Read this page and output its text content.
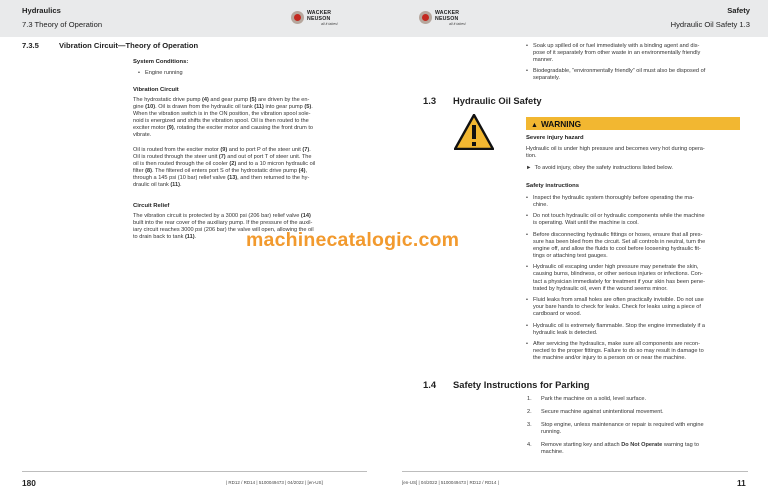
Hydraulics
7.3 Theory of Operation
WACKER
NEUSON
all it takes!
7.3.5	Vibration Circuit—Theory of Operation
System Conditions:
• Engine running
Vibration Circuit
The hydrostatic drive pump (4) and gear pump (5) are driven by the en-
gine (10). Oil is drawn from the hydraulic oil tank (11) into gear pump (5).
When the vibration switch is in the ON position, the vibration spool sole-
noid is energized and shifts the vibration spool. Oil is then routed to the
exciter motor (9), rotating the exciter motor and causing the front drum to
vibrate.
Oil is routed from the exciter motor (9) and to port P of the steer unit (7).
Oil is routed through the steer unit (7) and out of port T of steer unit. The
oil is then routed through the oil cooler (2) and to a 10 micron hydraulic oil
filter (8). The filtered oil enters port S of the hydrostatic drive pump (4),
through a 145 psi (10 bar) relief valve (13), and then returned to the hy-
draulic oil tank (11).
Circuit Relief
The vibration circuit is protected by a 3000 psi (206 bar) relief valve (14)
built into the rear cover of the auxiliary pump. If the pressure of the auxil-
iary circuit reaches 3000 psi (206 bar) the valve will open, allowing the oil
to drain back to tank (11).
180	| RD12 / RD14 | 5100049473 | 04/2022 | [en-US]
WACKER
NEUSON
all it takes!
Safety
Hydraulic Oil Safety 1.3
• Soak up spilled oil or fuel immediately with a binding agent and dis-
pose of it separately from other waste in an environmentally friendly
manner.
• Biodegradable, “environmentally friendly” oil must also be disposed of
separately.
1.3 Hydraulic Oil Safety
▲ WARNING
Severe injury hazard
Hydraulic oil is under high pressure and becomes very hot during opera-
tion.
► To avoid injury, obey the safety instructions listed below.
Safety instructions
• Inspect the hydraulic system thoroughly before operating the ma-
chine.
• Do not touch hydraulic oil or hydraulic components while the machine
is operating. Wait until the machine is cool.
• Before disconnecting hydraulic fittings or hoses, ensure that all pres-
sure has been bled from the circuit. Set all controls in neutral, turn the
engine off, and allow the fluids to cool before loosening hydraulic fit-
tings or attaching test gauges.
• Hydraulic oil escaping under high pressure may penetrate the skin,
causing burns, blindness, or other serious injuries or infections. Con-
tact a physician immediately for treatment if your skin has been pene-
trated by hydraulic oil, even if the wound seems minor.
• Fluid leaks from small holes are often practically invisible. Do not use
your bare hands to check for leaks. Check for leaks using a piece of
cardboard or wood.
• Hydraulic oil is extremely flammable. Stop the engine immediately if a
hydraulic leak is detected.
• After servicing the hydraulics, make sure all components are recon-
nected to the proper fittings. Failure to do so may result in damage to
the machine and/or injury to a person on or near the machine.
1.4 Safety Instructions for Parking
1. Park the machine on a solid, level surface.
2. Secure machine against unintentional movement.
3. Stop engine, unless maintenance or repair is required with engine
running.
4. Remove starting key and attach Do Not Operate warning tag to
machine.
[en-US] | 04/2022 | 5100049473 | RD12 / RD14 |	11
machinecatalogic.com
